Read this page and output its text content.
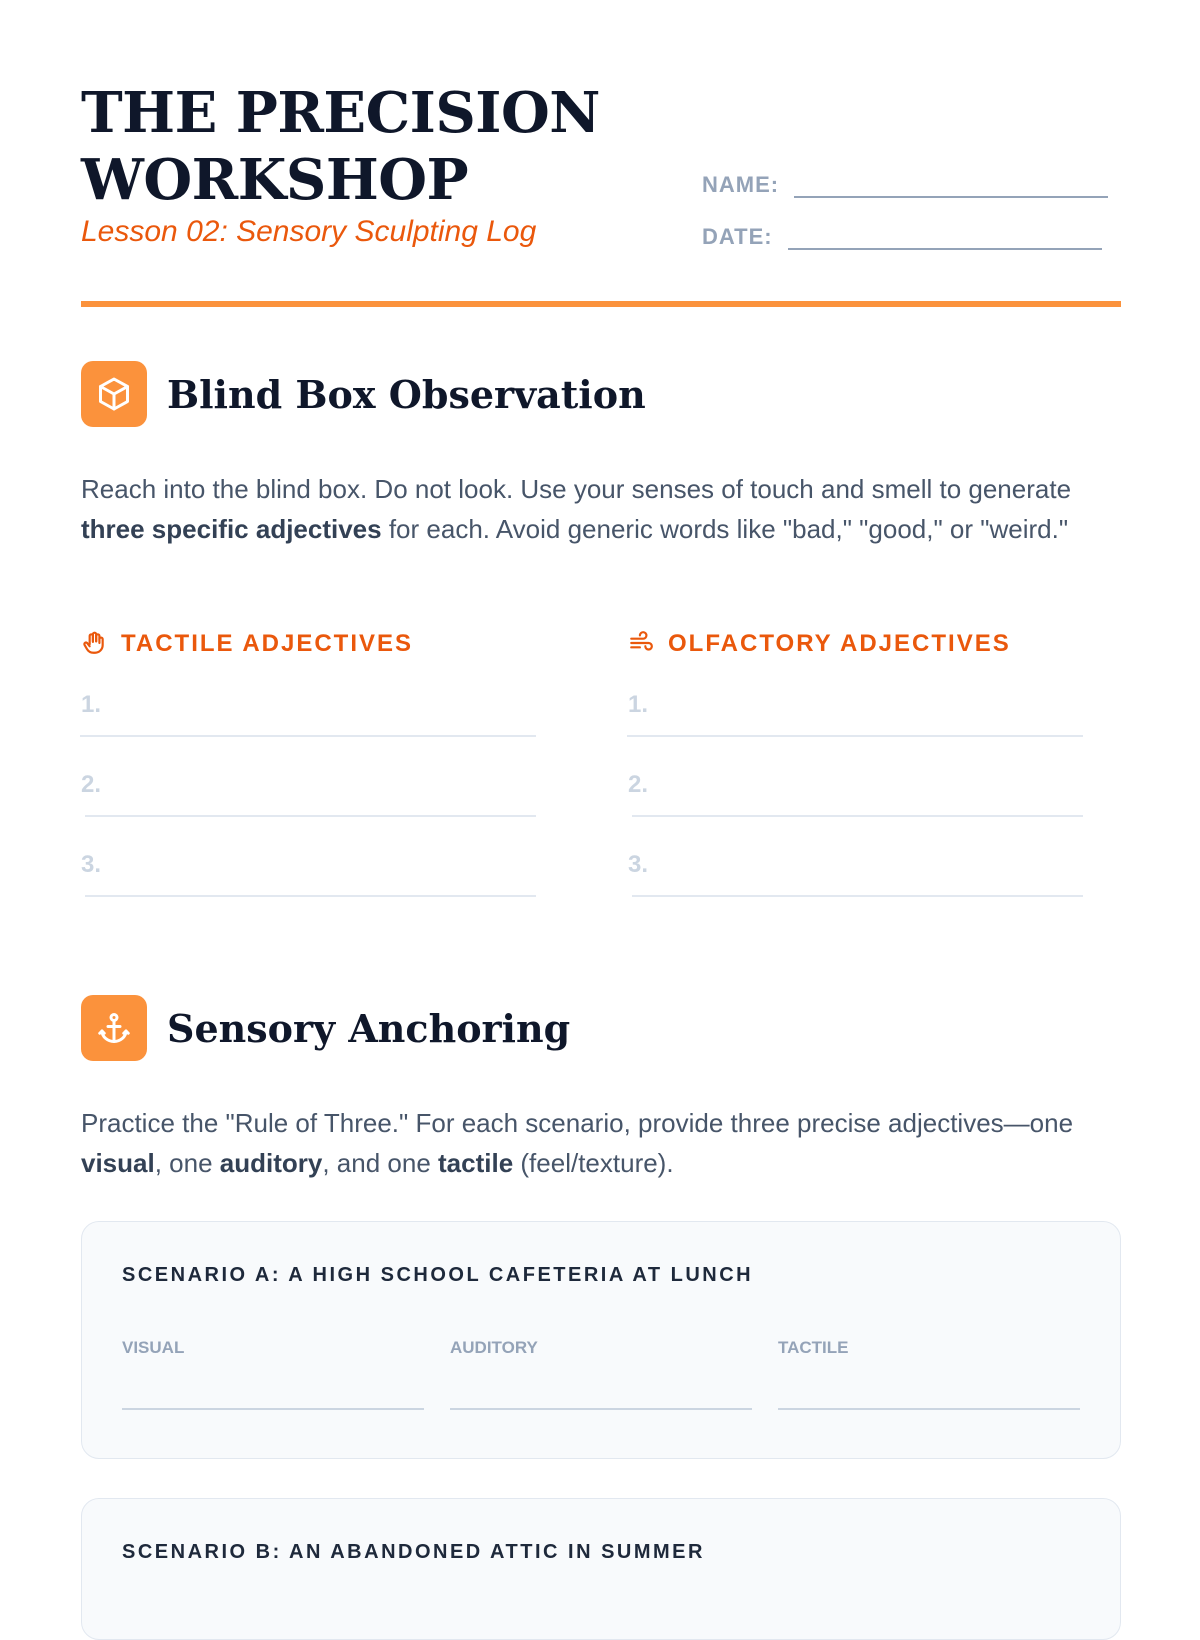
THE PRECISION
WORKSHOP
Lesson 02: Sensory Sculpting Log
NAME:
DATE:
Blind Box Observation

Reach into the blind box. Do not look. Use your senses of touch and smell to generate three specific adjectives for each. Avoid generic words like "bad," "good," or "weird."

TACTILE ADJECTIVES
1.
2.
3.
OLFACTORY ADJECTIVES
1.
2.
3.
Sensory Anchoring

Practice the "Rule of Three." For each scenario, provide three precise adjectives—one visual, one auditory, and one tactile (feel/texture).

SCENARIO A: A HIGH SCHOOL CAFETERIA AT LUNCH
VISUAL	AUDITORY	TACTILE
SCENARIO B: AN ABANDONED ATTIC IN SUMMER
